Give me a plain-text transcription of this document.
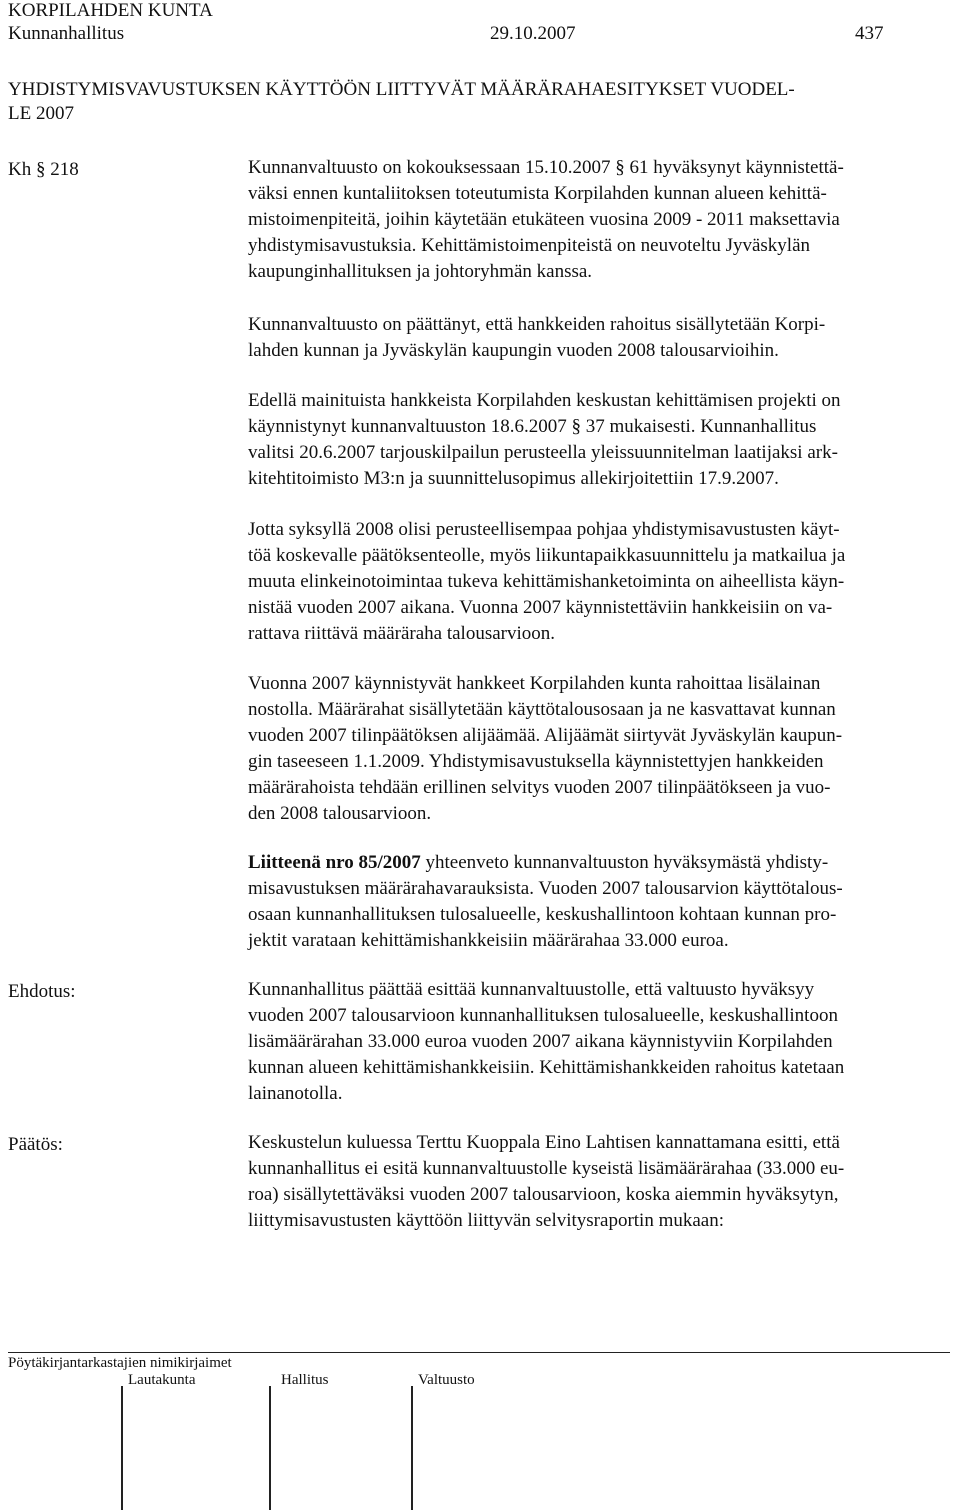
KORPILAHDEN KUNTA
Kunnanhallitus	29.10.2007	437
YHDISTYMISVAVUSTUKSEN KÄYTTÖÖN LIITTYVÄT MÄÄRÄRAHAESITYKSET VUODEL-
LE 2007
Kh § 218	Kunnanvaltuusto on kokouksessaan 15.10.2007 § 61 hyväksynyt käynnistettä-

väksi ennen kuntaliitoksen toteutumista Korpilahden kunnan alueen kehittä-

mistoimenpiteitä, joihin käytetään etukäteen vuosina 2009 - 2011 maksettavia

yhdistymisavustuksia. Kehittämistoimenpiteistä on neuvoteltu Jyväskylän

kaupunginhallituksen ja johtoryhmän kanssa.

Kunnanvaltuusto on päättänyt, että hankkeiden rahoitus sisällytetään Korpi-

lahden kunnan ja Jyväskylän kaupungin vuoden 2008 talousarvioihin.

Edellä mainituista hankkeista Korpilahden keskustan kehittämisen projekti on

käynnistynyt kunnanvaltuuston 18.6.2007 § 37 mukaisesti. Kunnanhallitus

valitsi 20.6.2007 tarjouskilpailun perusteella yleissuunnitelman laatijaksi ark-

kitehtitoimisto M3:n ja suunnittelusopimus allekirjoitettiin 17.9.2007.

Jotta syksyllä 2008 olisi perusteellisempaa pohjaa yhdistymisavustusten käyt-

töä koskevalle päätöksenteolle, myös liikuntapaikkasuunnittelu ja matkailua ja

muuta elinkeinotoimintaa tukeva kehittämishanketoiminta on aiheellista käyn-

nistää vuoden 2007 aikana. Vuonna 2007 käynnistettäviin hankkeisiin on va-

rattava riittävä määräraha talousarvioon.

Vuonna 2007 käynnistyvät hankkeet Korpilahden kunta rahoittaa lisälainan

nostolla. Määrärahat sisällytetään käyttötalousosaan ja ne kasvattavat kunnan

vuoden 2007 tilinpäätöksen alijäämää. Alijäämät siirtyvät Jyväskylän kaupun-

gin taseeseen 1.1.2009. Yhdistymisavustuksella käynnistettyjen hankkeiden

määrärahoista tehdään erillinen selvitys vuoden 2007 tilinpäätökseen ja vuo-

den 2008 talousarvioon.

Liitteenä nro 85/2007 yhteenveto kunnanvaltuuston hyväksymästä yhdisty-

misavustuksen määrärahavarauksista. Vuoden 2007 talousarvion käyttötalous-

osaan kunnanhallituksen tulosalueelle, keskushallintoon kohtaan kunnan pro-

jektit varataan kehittämishankkeisiin määrärahaa 33.000 euroa.

Ehdotus:	Kunnanhallitus päättää esittää kunnanvaltuustolle, että valtuusto hyväksyy

vuoden 2007 talousarvioon kunnanhallituksen tulosalueelle, keskushallintoon

lisämäärärahan 33.000 euroa vuoden 2007 aikana käynnistyviin Korpilahden

kunnan alueen kehittämishankkeisiin. Kehittämishankkeiden rahoitus katetaan

lainanotolla.

Päätös:	Keskustelun kuluessa Terttu Kuoppala Eino Lahtisen kannattamana esitti, että

kunnanhallitus ei esitä kunnanvaltuustolle kyseistä lisämäärärahaa (33.000 eu-

roa) sisällytettäväksi vuoden 2007 talousarvioon, koska aiemmin hyväksytyn,

liittymisavustusten käyttöön liittyvän selvitysraportin mukaan:

Pöytäkirjantarkastajien nimikirjaimet
Lautakunta	Hallitus	Valtuusto
